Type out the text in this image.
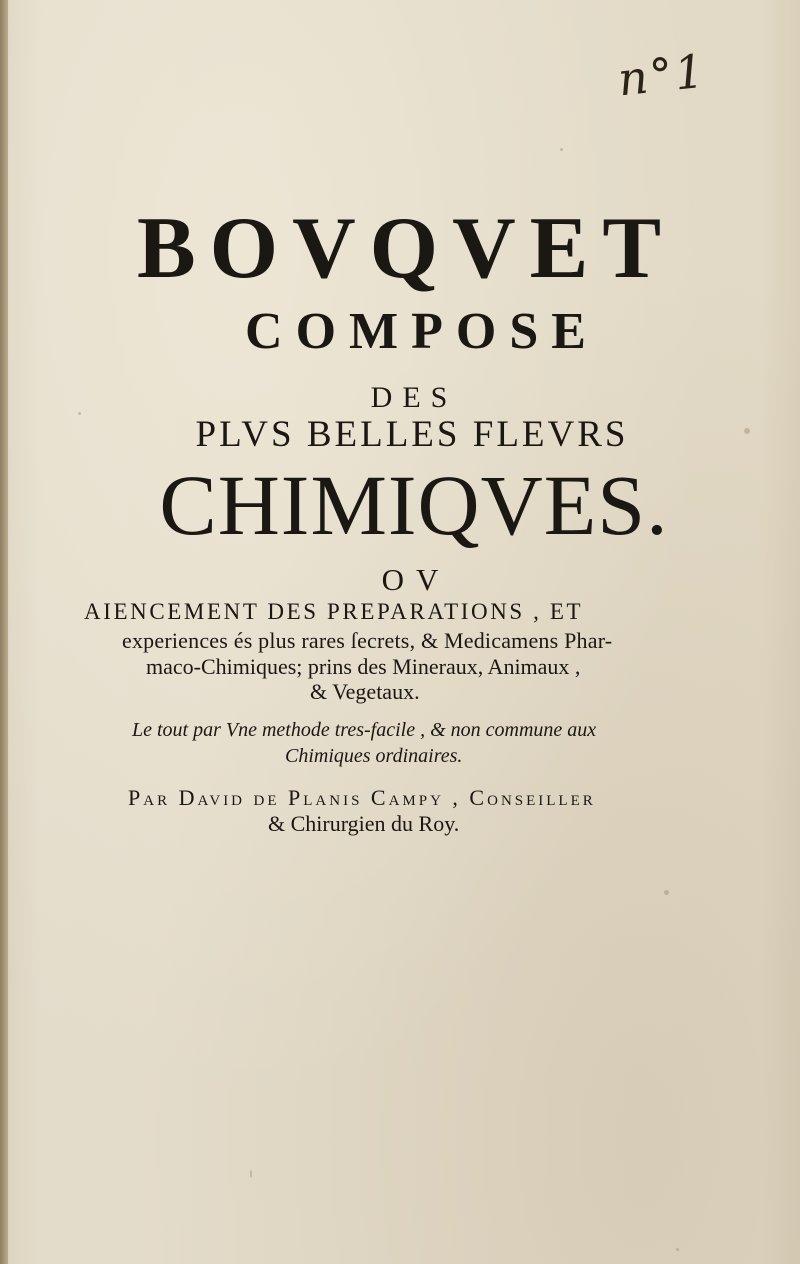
n°1
BOVQVET
COMPOSE
DES
PLVS BELLES FLEVRS
CHIMIQVES.
OV
AIENCEMENT DES PREPARATIONS , ET
experiences és plus rares ſecrets, & Medicamens Phar-
maco-Chimiques; prins des Mineraux, Animaux ,
& Vegetaux.
Le tout par Vne methode tres-facile , & non commune aux
Chimiques ordinaires.
Par David de Planis Campy , Conſeiller
& Chirurgien du Roy.
